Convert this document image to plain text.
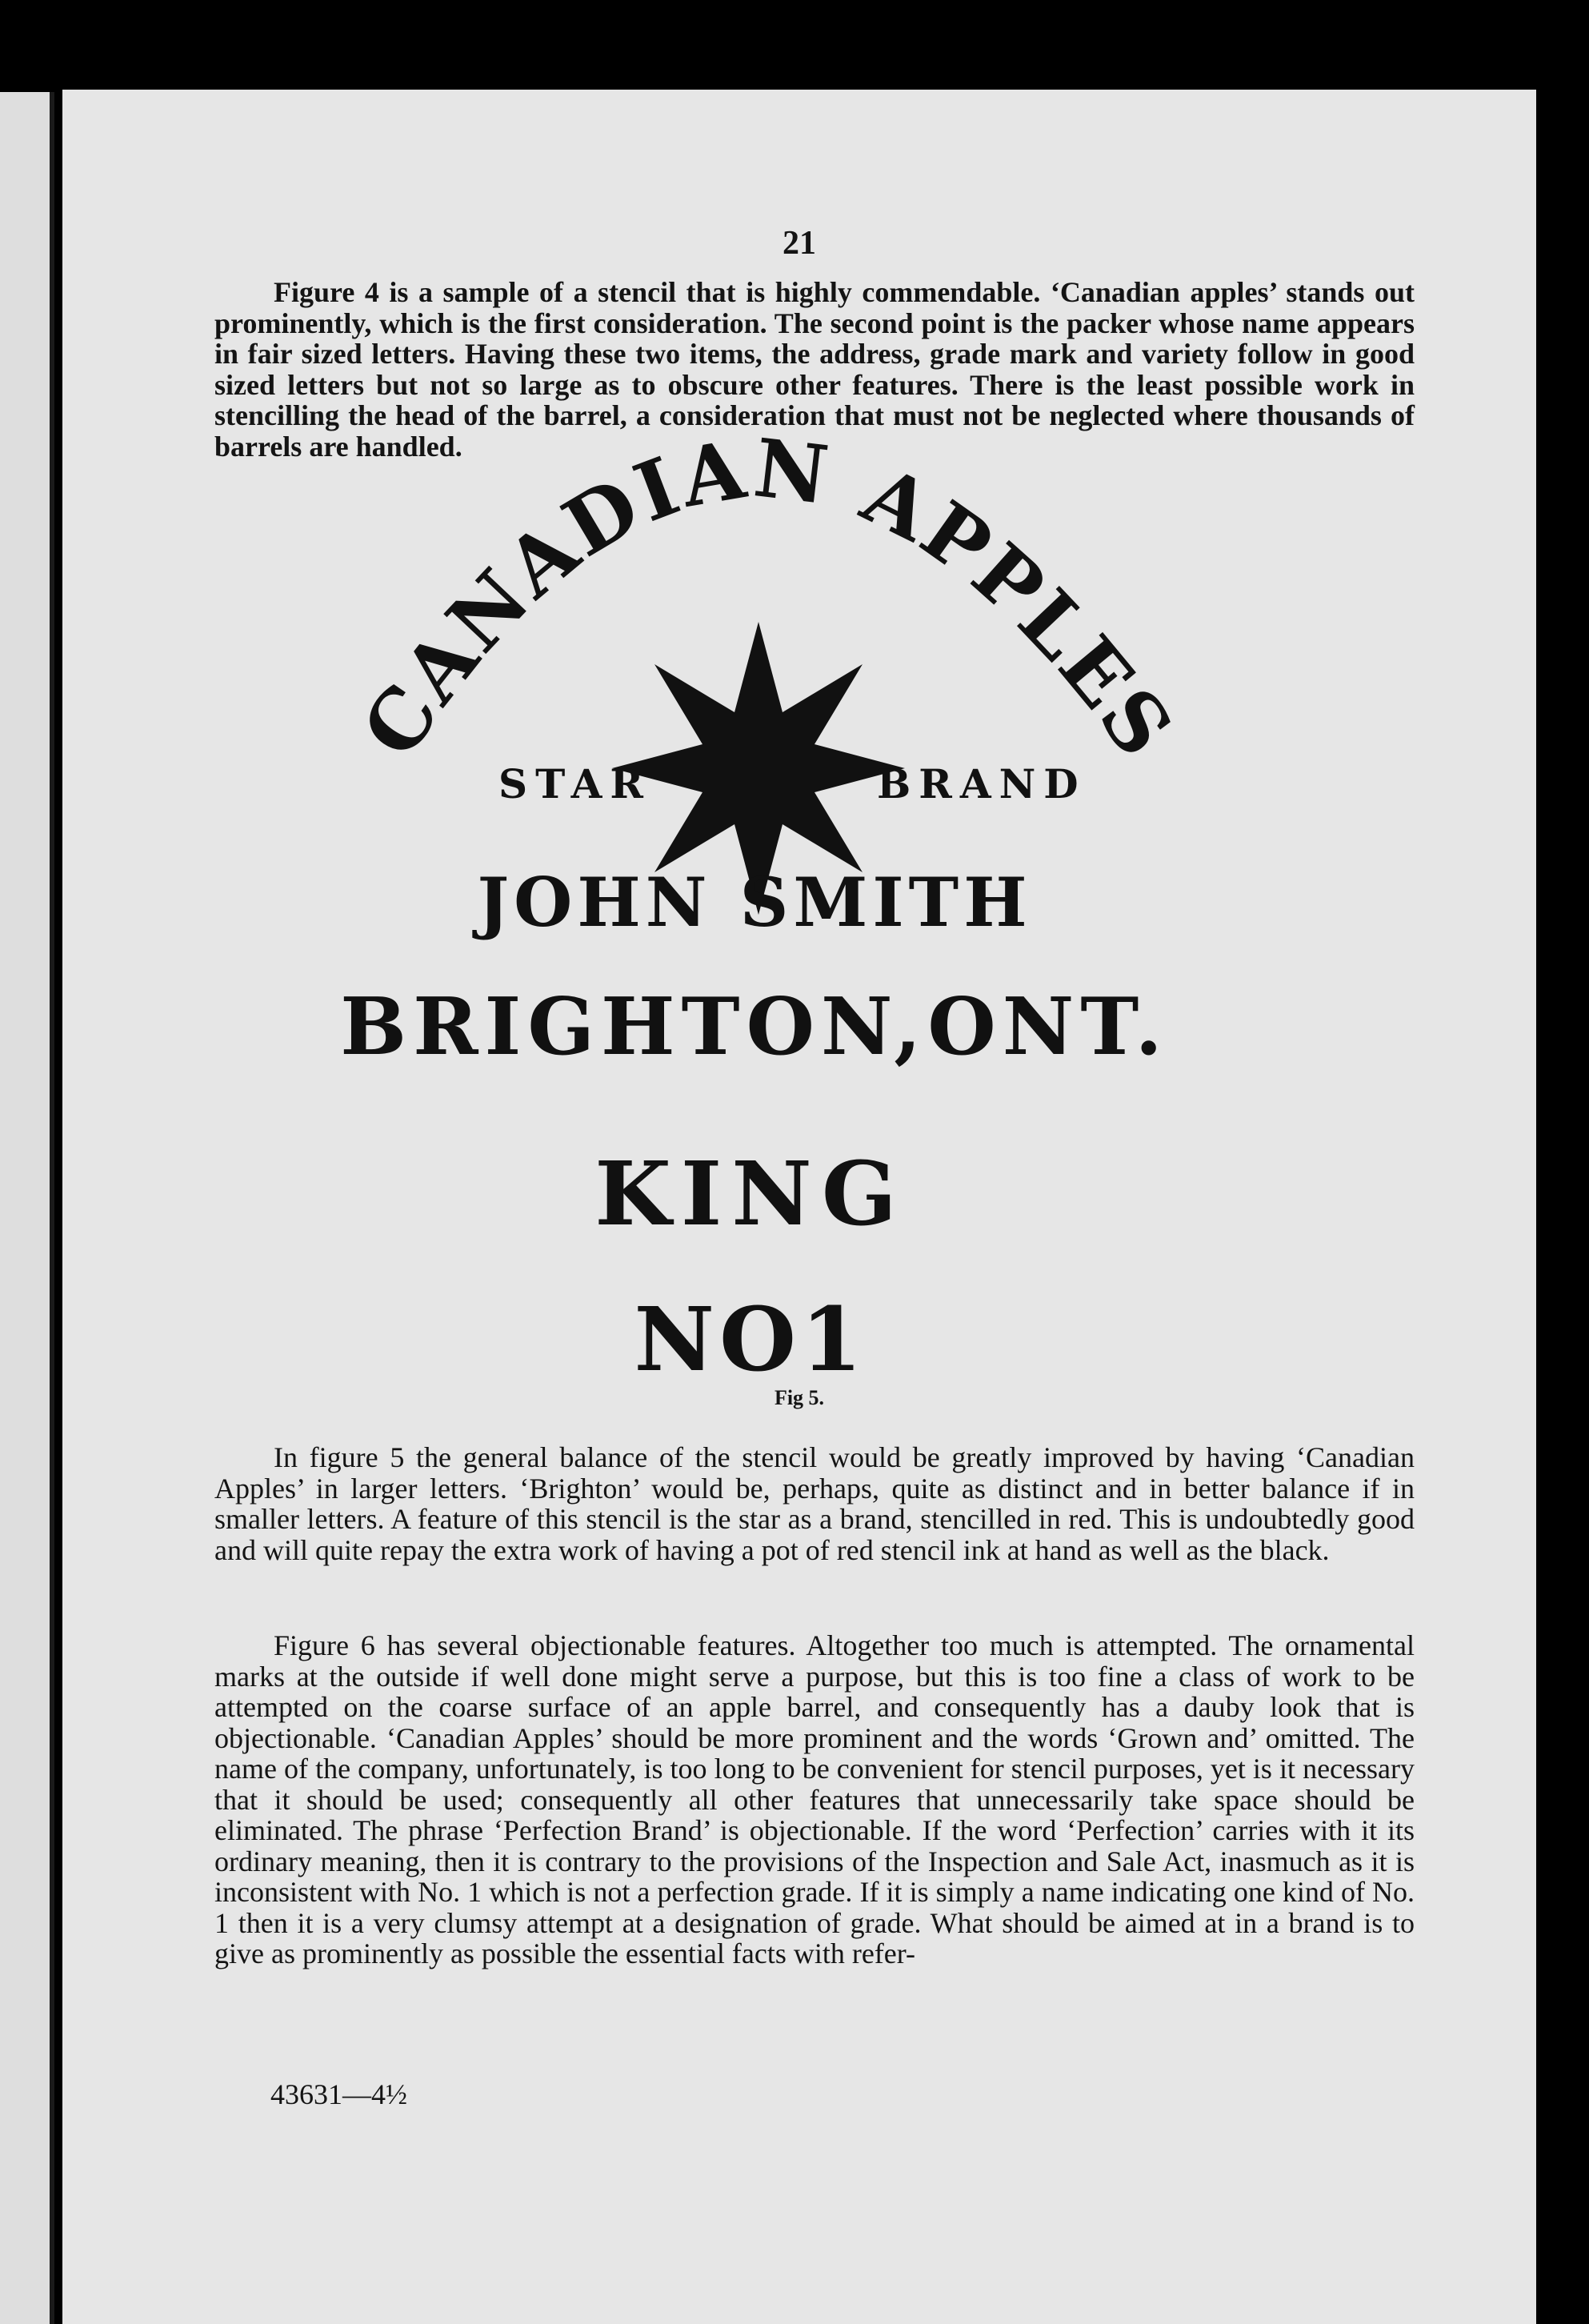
21

Figure 4 is a sample of a stencil that is highly commendable. ‘Canadian apples’ stands out prominently, which is the first consideration. The second point is the packer whose name appears in fair sized letters. Having these two items, the address, grade mark and variety follow in good sized letters but not so large as to obscure other features. There is the least possible work in stencilling the head of the barrel, a consideration that must not be neglected where thousands of barrels are handled.

CANADIAN APPLES
STAR	BRAND
JOHN SMITH
BRIGHTON,ONT.
KING
NO1
Fig 5.

In figure 5 the general balance of the stencil would be greatly improved by having ‘Canadian Apples’ in larger letters. ‘Brighton’ would be, perhaps, quite as distinct and in better balance if in smaller letters. A feature of this stencil is the star as a brand, stencilled in red. This is undoubtedly good and will quite repay the extra work of having a pot of red stencil ink at hand as well as the black.

Figure 6 has several objectionable features. Altogether too much is attempted. The ornamental marks at the outside if well done might serve a purpose, but this is too fine a class of work to be attempted on the coarse surface of an apple barrel, and consequently has a dauby look that is objectionable. ‘Canadian Apples’ should be more prominent and the words ‘Grown and’ omitted. The name of the company, unfortunately, is too long to be convenient for stencil purposes, yet is it necessary that it should be used; consequently all other features that unnecessarily take space should be eliminated. The phrase ‘Perfection Brand’ is objectionable. If the word ‘Perfection’ carries with it its ordinary meaning, then it is contrary to the provisions of the Inspection and Sale Act, inasmuch as it is inconsistent with No. 1 which is not a perfection grade. If it is simply a name indicating one kind of No. 1 then it is a very clumsy attempt at a designation of grade. What should be aimed at in a brand is to give as prominently as possible the essential facts with refer-

43631—4½
